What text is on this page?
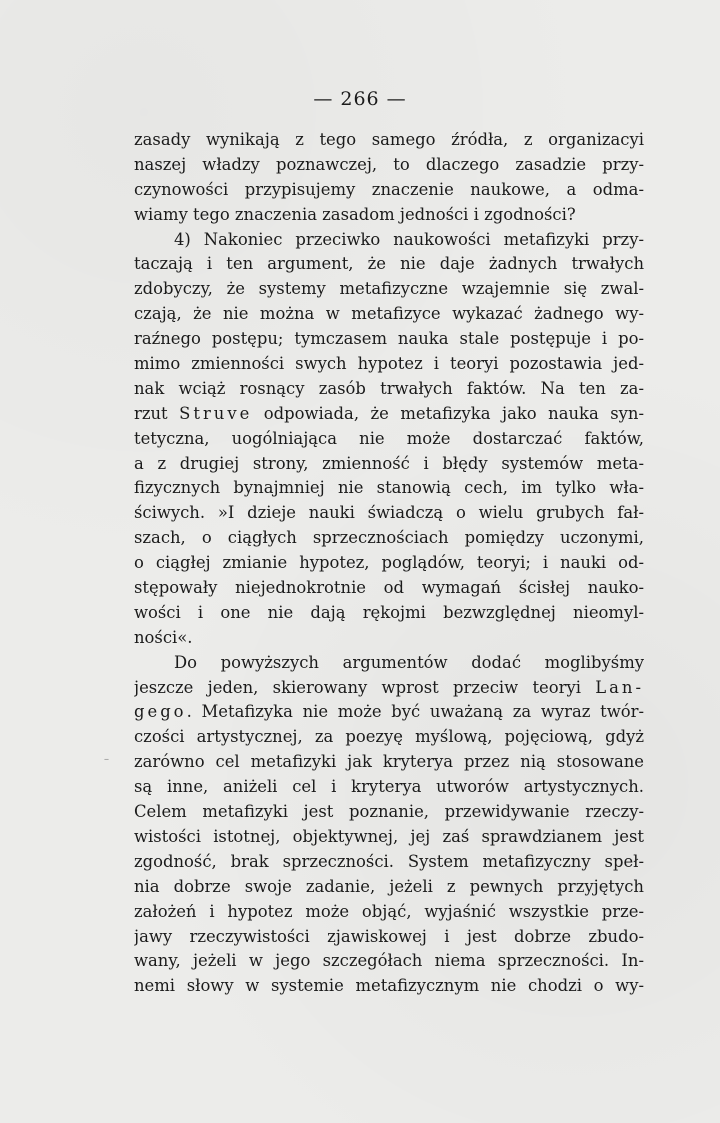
— 266 —
–
zasady wynikają z tego samego źródła, z organizacyi
naszej władzy poznawczej, to dlaczego zasadzie przy-
czynowości przypisujemy znaczenie naukowe, a odma-
wiamy tego znaczenia zasadom jedności i zgodności?
4) Nakoniec przeciwko naukowości metafizyki przy-
taczają i ten argument, że nie daje żadnych trwałych
zdobyczy, że systemy metafizyczne wzajemnie się zwal-
czają, że nie można w metafizyce wykazać żadnego wy-
raźnego postępu; tymczasem nauka stale postępuje i po-
mimo zmienności swych hypotez i teoryi pozostawia jed-
nak wciąż rosnący zasób trwałych faktów. Na ten za-
rzut Struve odpowiada, że metafizyka jako nauka syn-
tetyczna, uogólniająca nie może dostarczać faktów,
a z drugiej strony, zmienność i błędy systemów meta-
fizycznych bynajmniej nie stanowią cech, im tylko wła-
ściwych. »I dzieje nauki świadczą o wielu grubych fał-
szach, o ciągłych sprzecznościach pomiędzy uczonymi,
o ciągłej zmianie hypotez, poglądów, teoryi; i nauki od-
stępowały niejednokrotnie od wymagań ścisłej nauko-
wości i one nie dają rękojmi bezwzględnej nieomyl-
ności«.
Do powyższych argumentów dodać moglibyśmy
jeszcze jeden, skierowany wprost przeciw teoryi Lan-
gego. Metafizyka nie może być uważaną za wyraz twór-
czości artystycznej, za poezyę myślową, pojęciową, gdyż
zarówno cel metafizyki jak kryterya przez nią stosowane
są inne, aniżeli cel i kryterya utworów artystycznych.
Celem metafizyki jest poznanie, przewidywanie rzeczy-
wistości istotnej, objektywnej, jej zaś sprawdzianem jest
zgodność, brak sprzeczności. System metafizyczny speł-
nia dobrze swoje zadanie, jeżeli z pewnych przyjętych
założeń i hypotez może objąć, wyjaśnić wszystkie prze-
jawy rzeczywistości zjawiskowej i jest dobrze zbudo-
wany, jeżeli w jego szczegółach niema sprzeczności. In-
nemi słowy w systemie metafizycznym nie chodzi o wy-
